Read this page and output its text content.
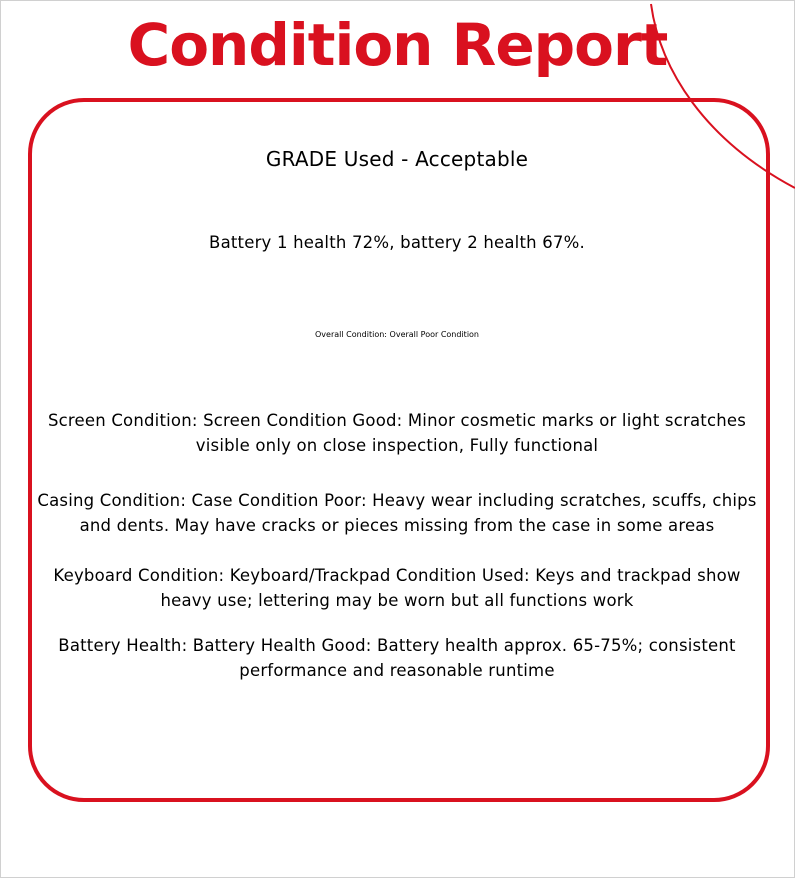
Condition Report
GRADE Used - Acceptable
Battery 1 health 72%, battery 2 health 67%.
Overall Condition: Overall Poor Condition
Screen Condition: Screen Condition Good: Minor cosmetic marks or light scratches visible only on close inspection, Fully functional
Casing Condition: Case Condition Poor: Heavy wear including scratches, scuffs, chips and dents. May have cracks or pieces missing from the case in some areas
Keyboard Condition: Keyboard/Trackpad Condition Used: Keys and trackpad show heavy use; lettering may be worn but all functions work
Battery Health: Battery Health Good: Battery health approx. 65-75%; consistent performance and reasonable runtime
